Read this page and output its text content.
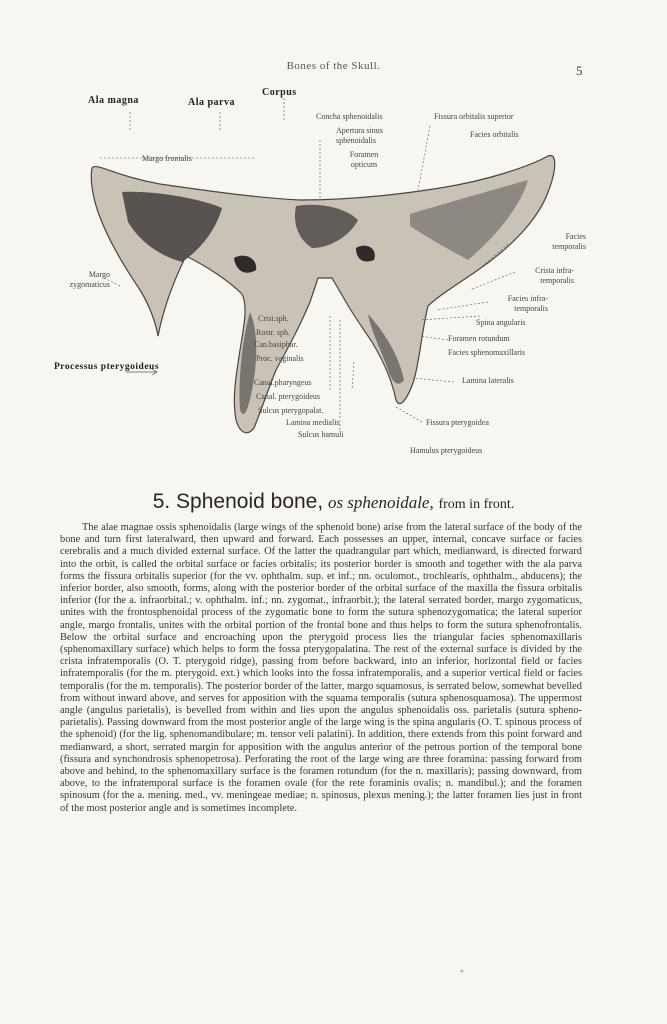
Bones of the Skull.	5
Ala magna	Ala parva
Corpus
Concha sphenoidalis
Apertura sinus sphenoidalis
Foramen opticum
Fissura orbitalis superior
Facies orbitalis
Margo frontalis
Facies temporalis
Crista infra-temporalis
Margo zygomaticus
Facies infra-temporalis
Spina angularis
Foramen rotundum
Facies sphenomaxillaris
Crist.sph.
Rostr. sph.
Can.basiphar.
Proc. vaginalis
Processus pterygoideus
Canal.pharyngeus
Canal. pterygoideus
Sulcus pterygopalat.
Lamina medialis
Sulcus hamuli
Lamina lateralis
Fissura pterygoidea
Hamulus pterygoideus
5. Sphenoid bone, os sphenoidale, from in front.

The alae magnae ossis sphenoidalis (large wings of the sphenoid bone) arise from the lateral surface of the body of the bone and turn first lateralward, then upward and forward. Each possesses an upper, internal, concave surface or facies cerebralis and a much divided external surface. Of the latter the quadrangular part which, medianward, is directed forward into the orbit, is called the orbital surface or facies orbitalis; its posterior border is smooth and together with the ala parva forms the fissura orbitalis superior (for the vv. ophthalm. sup. et inf.; nn. oculomot., trochlearis, ophthalm., abducens); the inferior border, also smooth, forms, along with the posterior border of the orbital surface of the maxilla the fissura orbitalis inferior (for the a. infraorbital.; v. ophthalm. inf.; nn. zygomat., infraorbit.); the lateral serrated border, margo zygomaticus, unites with the frontosphenoidal process of the zygomatic bone to form the sutura sphenozygomatica; the lateral superior angle, margo frontalis, unites with the orbital portion of the frontal bone and thus helps to form the sutura sphenofrontalis. Below the orbital surface and encroaching upon the pterygoid process lies the triangular facies sphenomaxillaris (sphenomaxillary surface) which helps to form the fossa pterygopalatina. The rest of the external surface is divided by the crista infratemporalis (O. T. pterygoid ridge), passing from before backward, into an inferior, horizontal field or facies infratemporalis (for the m. pterygoid. ext.) which looks into the fossa infratemporalis, and a superior vertical field or facies temporalis (for the m. temporalis). The posterior border of the latter, margo squamosus, is serrated below, somewhat bevelled from without inward above, and serves for apposition with the squama temporalis (sutura sphenosquamosa). The uppermost angle (angulus parietalis), is bevelled from within and lies upon the angulus sphenoidalis oss. parietalis (sutura spheno-parietalis). Passing downward from the most posterior angle of the large wing is the spina angularis (O. T. spinous process of the sphenoid) (for the lig. sphenomandibulare; m. tensor veli palatini). In addition, there extends from this point forward and medianward, a short, serrated margin for apposition with the angulus anterior of the petrous portion of the temporal bone (fissura and synchondrosis sphenopetrosa). Perforating the root of the large wing are three foramina: passing forward from above and behind, to the sphenomaxillary surface is the foramen rotundum (for the n. maxillaris); passing downward, from above, to the infratemporal surface is the foramen ovale (for the rete foraminis ovalis; n. mandibul.); and the foramen spinosum (for the a. mening. med., vv. meningeae mediae; n. spinosus, plexus mening.); the latter foramen lies just in front of the most posterior angle and is sometimes incomplete.

*
